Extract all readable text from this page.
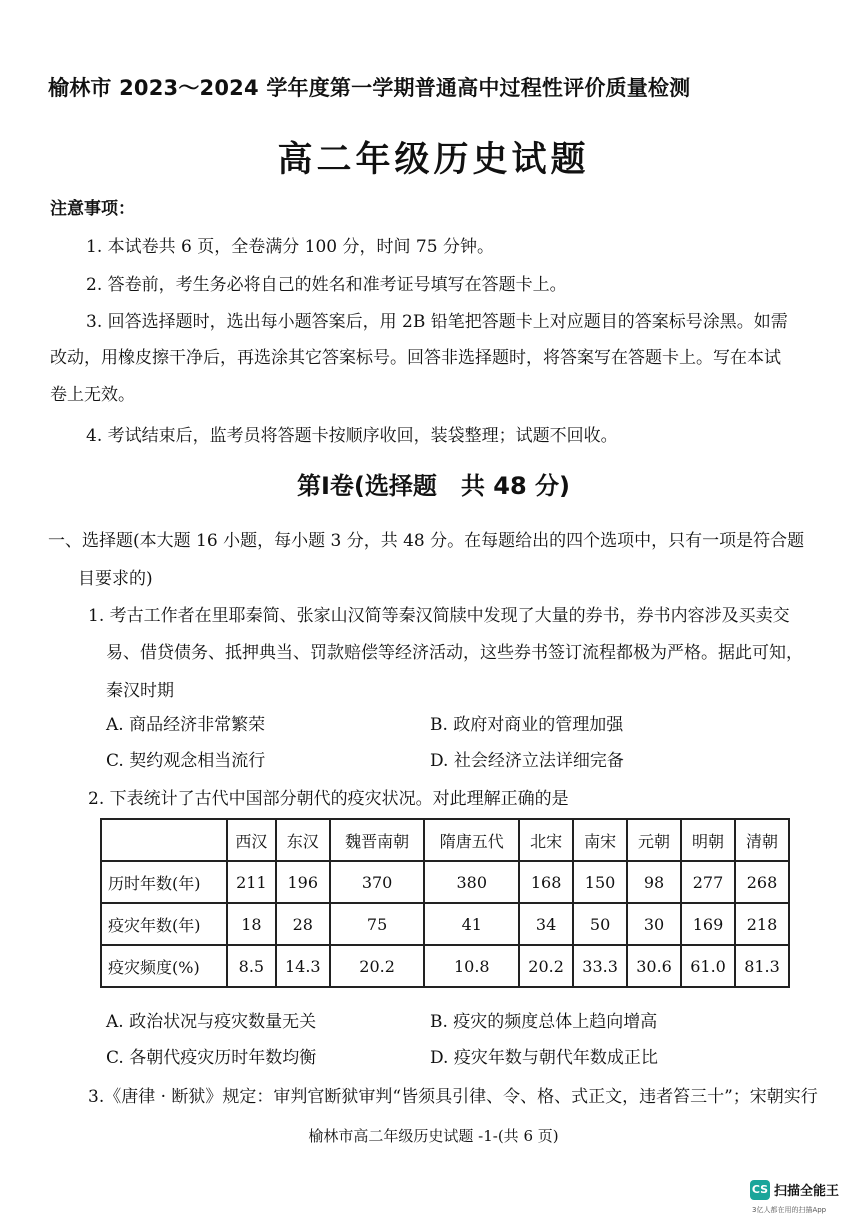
榆林市 2023～2024 学年度第一学期普通高中过程性评价质量检测
高二年级历史试题
注意事项：
1. 本试卷共 6 页，全卷满分 100 分，时间 75 分钟。
2. 答卷前，考生务必将自己的姓名和准考证号填写在答题卡上。
3. 回答选择题时，选出每小题答案后，用 2B 铅笔把答题卡上对应题目的答案标号涂黑。如需
改动，用橡皮擦干净后，再选涂其它答案标号。回答非选择题时，将答案写在答题卡上。写在本试
卷上无效。
4. 考试结束后，监考员将答题卡按顺序收回，装袋整理；试题不回收。
第Ⅰ卷(选择题　共 48 分)
一、选择题(本大题 16 小题，每小题 3 分，共 48 分。在每题给出的四个选项中，只有一项是符合题
目要求的)
1. 考古工作者在里耶秦简、张家山汉简等秦汉简牍中发现了大量的券书，券书内容涉及买卖交
易、借贷债务、抵押典当、罚款赔偿等经济活动，这些券书签订流程都极为严格。据此可知，
秦汉时期
A. 商品经济非常繁荣	B. 政府对商业的管理加强
C. 契约观念相当流行	D. 社会经济立法详细完备
2. 下表统计了古代中国部分朝代的疫灾状况。对此理解正确的是
	西汉	东汉	魏晋南朝	隋唐五代	北宋	南宋	元朝	明朝	清朝
历时年数(年)	211	196	370	380	168	150	98	277	268
疫灾年数(年)	18	28	75	41	34	50	30	169	218
疫灾频度(%)	8.5	14.3	20.2	10.8	20.2	33.3	30.6	61.0	81.3
A. 政治状况与疫灾数量无关	B. 疫灾的频度总体上趋向增高
C. 各朝代疫灾历时年数均衡	D. 疫灾年数与朝代年数成正比
3.《唐律 · 断狱》规定：审判官断狱审判“皆须具引律、令、格、式正文，违者笞三十”；宋朝实行
榆林市高二年级历史试题 -1-(共 6 页)
CS 扫描全能王
3亿人都在用的扫描App
